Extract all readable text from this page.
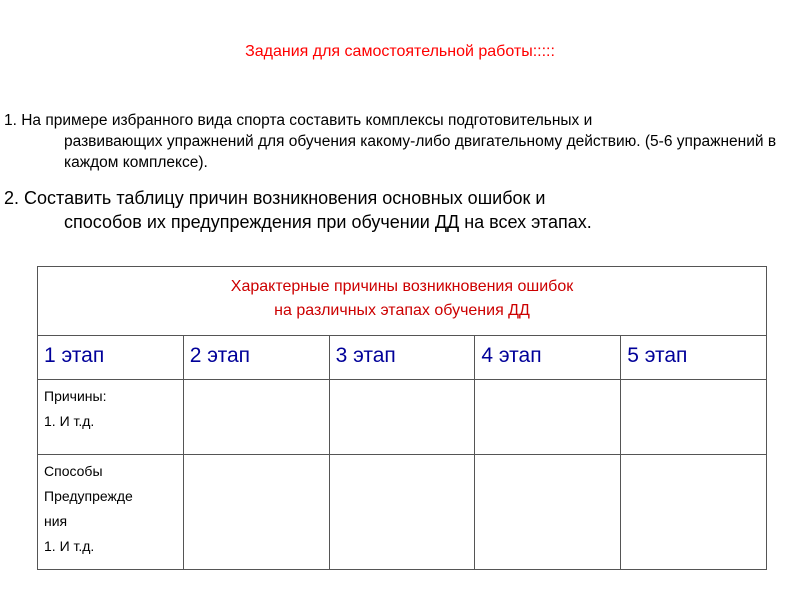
Задания для самостоятельной работы:::::
1. На примере избранного вида спорта составить комплексы подготовительных и
развивающих упражнений для обучения какому-либо двигательному действию. (5-6 упражнений в каждом комплексе).
2. Составить таблицу причин возникновения основных ошибок и
способов их предупреждения при обучении ДД на всех этапах.
Характерные причины возникновения ошибок
на различных этапах обучения ДД				
1 этап	2 этап	3 этап	4 этап	5 этап

Причины:
1. И т.д.				

Способы
Предупрежде
ния
1. И т.д.				
